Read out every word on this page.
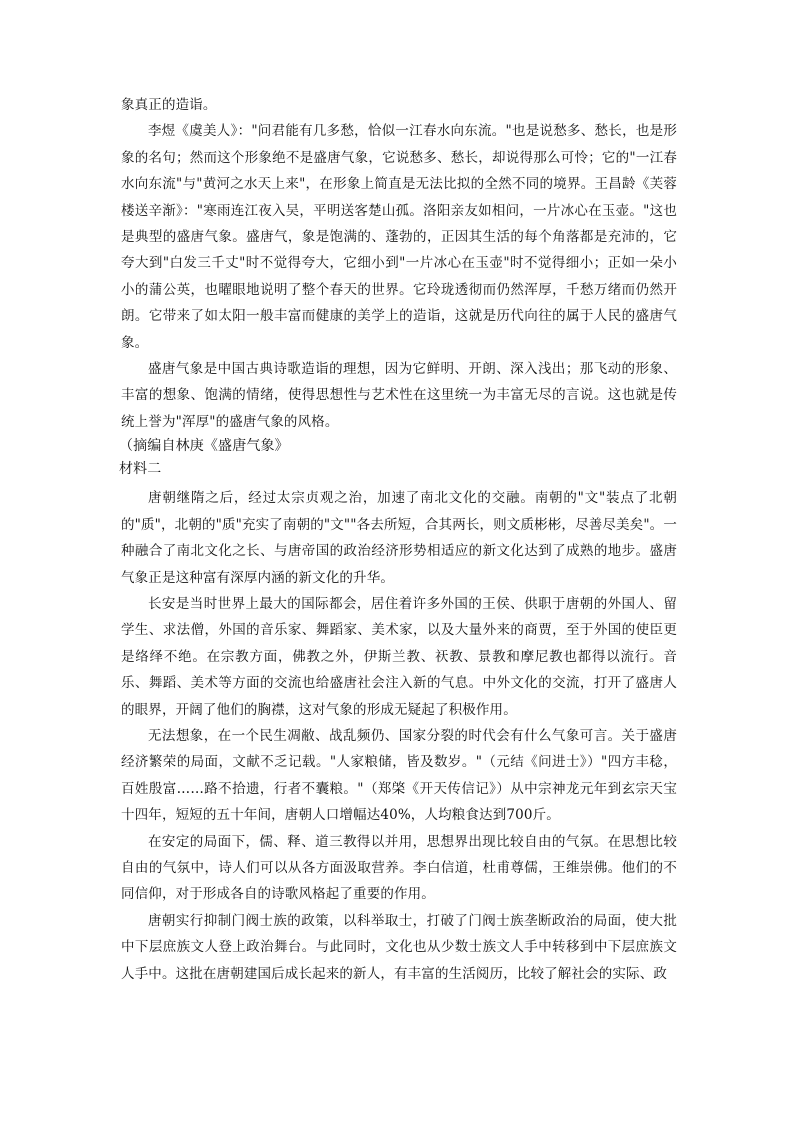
象真正的造诣。

李煜《虞美人》："问君能有几多愁，恰似一江春水向东流。"也是说愁多、愁长，也是形象的名句；然而这个形象绝不是盛唐气象，它说愁多、愁长，却说得那么可怜；它的"一江春水向东流"与"黄河之水天上来"，在形象上简直是无法比拟的全然不同的境界。王昌龄《芙蓉楼送辛渐》："寒雨连江夜入吴，平明送客楚山孤。洛阳亲友如相问，一片冰心在玉壶。"这也是典型的盛唐气象。盛唐气，象是饱满的、蓬勃的，正因其生活的每个角落都是充沛的，它夸大到"白发三千丈"时不觉得夸大，它细小到"一片冰心在玉壶"时不觉得细小；正如一朵小小的蒲公英，也曜眼地说明了整个春天的世界。它玲珑透彻而仍然浑厚，千愁万绪而仍然开朗。它带来了如太阳一般丰富而健康的美学上的造诣，这就是历代向往的属于人民的盛唐气象。

盛唐气象是中国古典诗歌造诣的理想，因为它鲜明、开朗、深入浅出；那飞动的形象、丰富的想象、饱满的情绪，使得思想性与艺术性在这里统一为丰富无尽的言说。这也就是传统上誉为"浑厚"的盛唐气象的风格。

（摘编自林庚《盛唐气象》

材料二

唐朝继隋之后，经过太宗贞观之治，加速了南北文化的交融。南朝的"文"装点了北朝的"质"，北朝的"质"充实了南朝的"文""各去所短，合其两长，则文质彬彬，尽善尽美矣"。一种融合了南北文化之长、与唐帝国的政治经济形势相适应的新文化达到了成熟的地步。盛唐气象正是这种富有深厚内涵的新文化的升华。

长安是当时世界上最大的国际都会，居住着许多外国的王侯、供职于唐朝的外国人、留学生、求法僧，外国的音乐家、舞蹈家、美术家，以及大量外来的商贾，至于外国的使臣更是络绎不绝。在宗教方面，佛教之外，伊斯兰教、祆教、景教和摩尼教也都得以流行。音乐、舞蹈、美术等方面的交流也给盛唐社会注入新的气息。中外文化的交流，打开了盛唐人的眼界，开阔了他们的胸襟，这对气象的形成无疑起了积极作用。

无法想象，在一个民生凋敝、战乱频仍、国家分裂的时代会有什么气象可言。关于盛唐经济繁荣的局面，文献不乏记载。"人家粮储，皆及数岁。"（元结《问进士》）"四方丰稔，百姓殷富……路不拾遗，行者不囊粮。"（郑棨《开天传信记》）从中宗神龙元年到玄宗天宝十四年，短短的五十年间，唐朝人口增幅达40%，人均粮食达到700斤。

在安定的局面下，儒、释、道三教得以并用，思想界出现比较自由的气氛。在思想比较自由的气氛中，诗人们可以从各方面汲取营养。李白信道，杜甫尊儒，王维崇佛。他们的不同信仰，对于形成各自的诗歌风格起了重要的作用。

唐朝实行抑制门阀士族的政策，以科举取士，打破了门阀士族垄断政治的局面，使大批中下层庶族文人登上政治舞台。与此同时，文化也从少数士族文人手中转移到中下层庶族文人手中。这批在唐朝建国后成长起来的新人，有丰富的生活阅历，比较了解社会的实际、政
